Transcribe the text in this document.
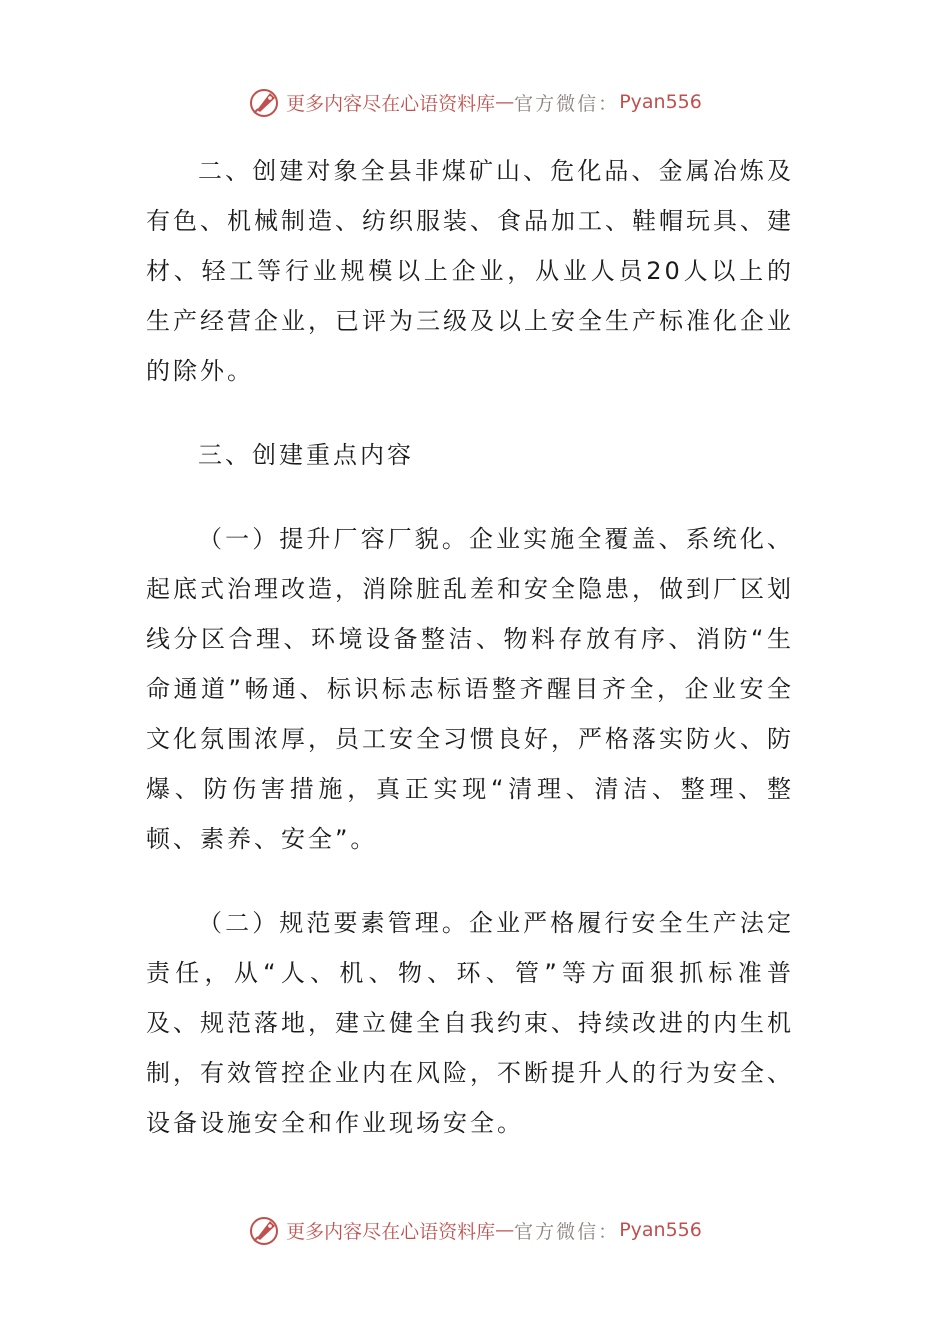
更多内容尽在心语资料库 — 官方微信： Pyan556

二、创建对象全县非煤矿山、危化品、金属冶炼及有色、机械制造、纺织服装、食品加工、鞋帽玩具、建材、轻工等行业规模以上企业，从业人员20人以上的生产经营企业，已评为三级及以上安全生产标准化企业的除外。

三、创建重点内容

（一）提升厂容厂貌。企业实施全覆盖、系统化、起底式治理改造，消除脏乱差和安全隐患，做到厂区划线分区合理、环境设备整洁、物料存放有序、消防“生命通道”畅通、标识标志标语整齐醒目齐全，企业安全文化氛围浓厚，员工安全习惯良好，严格落实防火、防爆、防伤害措施，真正实现“清理、清洁、整理、整顿、素养、安全”。

（二）规范要素管理。企业严格履行安全生产法定责任，从“人、机、物、环、管”等方面狠抓标准普及、规范落地，建立健全自我约束、持续改进的内生机制，有效管控企业内在风险，不断提升人的行为安全、设备设施安全和作业现场安全。

更多内容尽在心语资料库 — 官方微信： Pyan556
